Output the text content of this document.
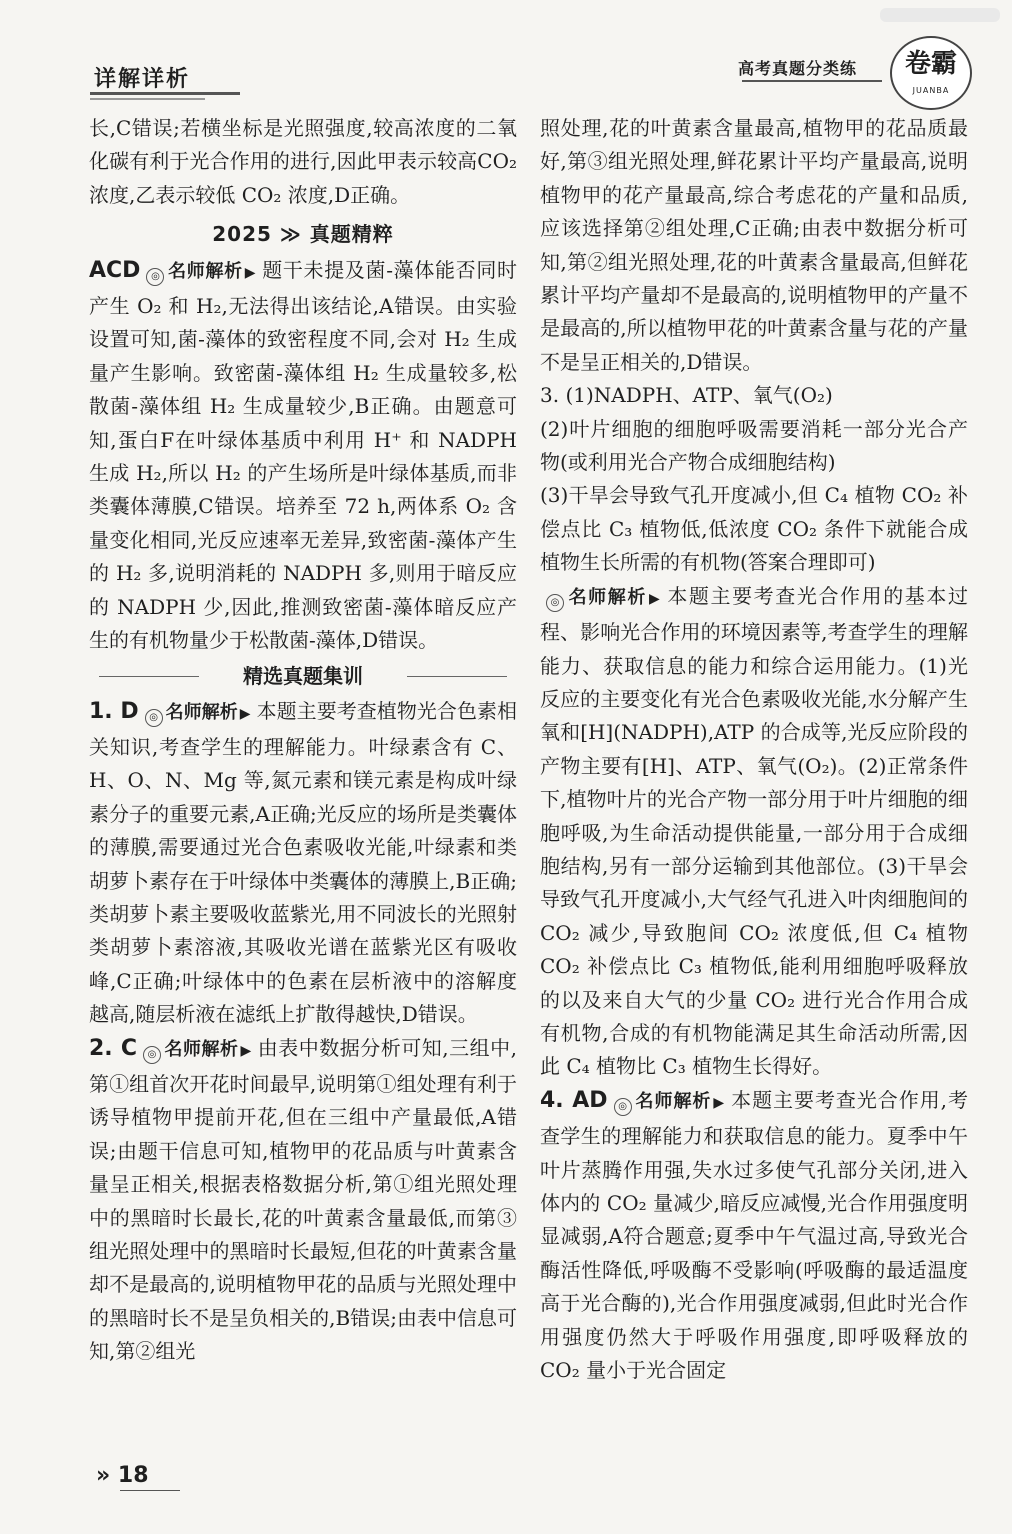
详解详析	高考真题分类练	卷霸
JUANBA

长,C错误;若横坐标是光照强度,较高浓度的二氧化碳有利于光合作用的进行,因此甲表示较高CO₂ 浓度,乙表示较低 CO₂ 浓度,D正确。

2025 ≫ 真题精粹

ACD ◎ 名师解析 ▶ 题干未提及菌-藻体能否同时产生 O₂ 和 H₂,无法得出该结论,A错误。由实验设置可知,菌-藻体的致密程度不同,会对 H₂ 生成量产生影响。致密菌-藻体组 H₂ 生成量较多,松散菌-藻体组 H₂ 生成量较少,B正确。由题意可知,蛋白F在叶绿体基质中利用 H⁺ 和 NADPH 生成 H₂,所以 H₂ 的产生场所是叶绿体基质,而非类囊体薄膜,C错误。培养至 72 h,两体系 O₂ 含量变化相同,光反应速率无差异,致密菌-藻体产生的 H₂ 多,说明消耗的 NADPH 多,则用于暗反应的 NADPH 少,因此,推测致密菌-藻体暗反应产生的有机物量少于松散菌-藻体,D错误。

精选真题集训

1. D ◎ 名师解析 ▶ 本题主要考查植物光合色素相关知识,考查学生的理解能力。叶绿素含有 C、H、O、N、Mg 等,氮元素和镁元素是构成叶绿素分子的重要元素,A正确;光反应的场所是类囊体的薄膜,需要通过光合色素吸收光能,叶绿素和类胡萝卜素存在于叶绿体中类囊体的薄膜上,B正确;类胡萝卜素主要吸收蓝紫光,用不同波长的光照射类胡萝卜素溶液,其吸收光谱在蓝紫光区有吸收峰,C正确;叶绿体中的色素在层析液中的溶解度越高,随层析液在滤纸上扩散得越快,D错误。

2. C ◎ 名师解析 ▶ 由表中数据分析可知,三组中,第①组首次开花时间最早,说明第①组处理有利于诱导植物甲提前开花,但在三组中产量最低,A错误;由题干信息可知,植物甲的花品质与叶黄素含量呈正相关,根据表格数据分析,第①组光照处理中的黑暗时长最长,花的叶黄素含量最低,而第③组光照处理中的黑暗时长最短,但花的叶黄素含量却不是最高的,说明植物甲花的品质与光照处理中的黑暗时长不是呈负相关的,B错误;由表中信息可知,第②组光

照处理,花的叶黄素含量最高,植物甲的花品质最好,第③组光照处理,鲜花累计平均产量最高,说明植物甲的花产量最高,综合考虑花的产量和品质,应该选择第②组处理,C正确;由表中数据分析可知,第②组光照处理,花的叶黄素含量最高,但鲜花累计平均产量却不是最高的,说明植物甲的产量不是最高的,所以植物甲花的叶黄素含量与花的产量不是呈正相关的,D错误。

3. (1)NADPH、ATP、氧气(O₂)

(2)叶片细胞的细胞呼吸需要消耗一部分光合产物(或利用光合产物合成细胞结构)

(3)干旱会导致气孔开度减小,但 C₄ 植物 CO₂ 补偿点比 C₃ 植物低,低浓度 CO₂ 条件下就能合成植物生长所需的有机物(答案合理即可)

◎ 名师解析 ▶ 本题主要考查光合作用的基本过程、影响光合作用的环境因素等,考查学生的理解能力、获取信息的能力和综合运用能力。(1)光反应的主要变化有光合色素吸收光能,水分解产生氧和[H](NADPH),ATP 的合成等,光反应阶段的产物主要有[H]、ATP、氧气(O₂)。(2)正常条件下,植物叶片的光合产物一部分用于叶片细胞的细胞呼吸,为生命活动提供能量,一部分用于合成细胞结构,另有一部分运输到其他部位。(3)干旱会导致气孔开度减小,大气经气孔进入叶肉细胞间的 CO₂ 减少,导致胞间 CO₂ 浓度低,但 C₄ 植物 CO₂ 补偿点比 C₃ 植物低,能利用细胞呼吸释放的以及来自大气的少量 CO₂ 进行光合作用合成有机物,合成的有机物能满足其生命活动所需,因此 C₄ 植物比 C₃ 植物生长得好。

4. AD ◎ 名师解析 ▶ 本题主要考查光合作用,考查学生的理解能力和获取信息的能力。夏季中午叶片蒸腾作用强,失水过多使气孔部分关闭,进入体内的 CO₂ 量减少,暗反应减慢,光合作用强度明显减弱,A符合题意;夏季中午气温过高,导致光合酶活性降低,呼吸酶不受影响(呼吸酶的最适温度高于光合酶的),光合作用强度减弱,但此时光合作用强度仍然大于呼吸作用强度,即呼吸释放的 CO₂ 量小于光合固定

» 18
